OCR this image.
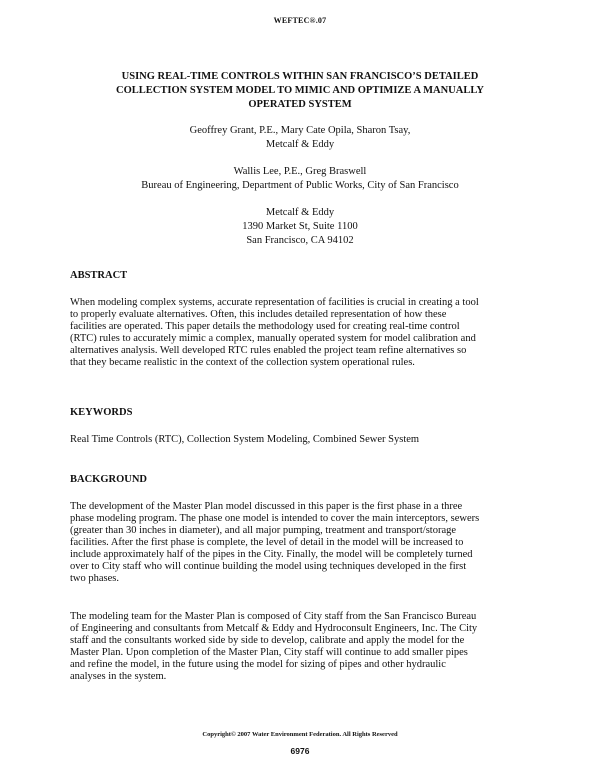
WEFTEC®.07
USING REAL-TIME CONTROLS WITHIN SAN FRANCISCO’S DETAILED
COLLECTION SYSTEM MODEL TO MIMIC AND OPTIMIZE A MANUALLY
OPERATED SYSTEM
Geoffrey Grant, P.E., Mary Cate Opila, Sharon Tsay,
Metcalf & Eddy
Wallis Lee, P.E., Greg Braswell
Bureau of Engineering, Department of Public Works, City of San Francisco
Metcalf & Eddy
1390 Market St, Suite 1100
San Francisco, CA 94102
ABSTRACT
When modeling complex systems, accurate representation of facilities is crucial in creating a tool
to properly evaluate alternatives. Often, this includes detailed representation of how these
facilities are operated. This paper details the methodology used for creating real-time control
(RTC) rules to accurately mimic a complex, manually operated system for model calibration and
alternatives analysis. Well developed RTC rules enabled the project team refine alternatives so
that they became realistic in the context of the collection system operational rules.
KEYWORDS
Real Time Controls (RTC), Collection System Modeling, Combined Sewer System
BACKGROUND
The development of the Master Plan model discussed in this paper is the first phase in a three
phase modeling program. The phase one model is intended to cover the main interceptors, sewers
(greater than 30 inches in diameter), and all major pumping, treatment and transport/storage
facilities. After the first phase is complete, the level of detail in the model will be increased to
include approximately half of the pipes in the City. Finally, the model will be completely turned
over to City staff who will continue building the model using techniques developed in the first
two phases.
The modeling team for the Master Plan is composed of City staff from the San Francisco Bureau
of Engineering and consultants from Metcalf & Eddy and Hydroconsult Engineers, Inc. The City
staff and the consultants worked side by side to develop, calibrate and apply the model for the
Master Plan. Upon completion of the Master Plan, City staff will continue to add smaller pipes
and refine the model, in the future using the model for sizing of pipes and other hydraulic
analyses in the system.
Copyright© 2007 Water Environment Federation. All Rights Reserved
6976
